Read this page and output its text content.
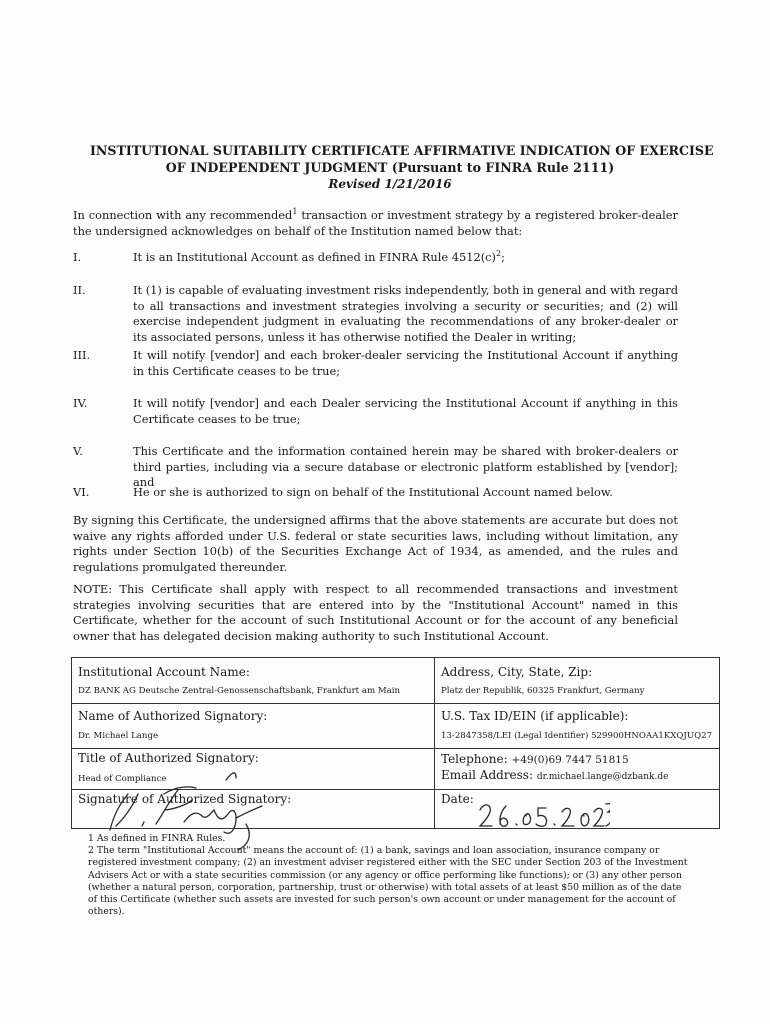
INSTITUTIONAL SUITABILITY CERTIFICATE AFFIRMATIVE INDICATION OF EXERCISE
OF INDEPENDENT JUDGMENT (Pursuant to FINRA Rule 2111)
Revised 1/21/2016
In connection with any recommended$^1$ transaction or investment strategy by a registered broker-dealer the undersigned acknowledges on behalf of the Institution named below that:
I.	It is an Institutional Account as defined in FINRA Rule $4512(c)^2$;
II.	It (1) is capable of evaluating investment risks independently, both in general and with regard to all transactions and investment strategies involving a security or securities; and (2) will exercise independent judgment in evaluating the recommendations of any broker-dealer or its associated persons, unless it has otherwise notified the Dealer in writing;
III.	It will notify [vendor] and each broker-dealer servicing the Institutional Account if anything in this Certificate ceases to be true;
IV.	It will notify [vendor] and each Dealer servicing the Institutional Account if anything in this Certificate ceases to be true;
V.	This Certificate and the information contained herein may be shared with broker-dealers or third parties, including via a secure database or electronic platform established by [vendor]; and
VI.	He or she is authorized to sign on behalf of the Institutional Account named below.
By signing this Certificate, the undersigned affirms that the above statements are accurate but does not waive any rights afforded under U.S. federal or state securities laws, including without limitation, any rights under Section 10(b) of the Securities Exchange Act of 1934, as amended, and the rules and regulations promulgated thereunder.
NOTE: This Certificate shall apply with respect to all recommended transactions and investment strategies involving securities that are entered into by the "Institutional Account" named in this Certificate, whether for the account of such Institutional Account or for the account of any beneficial owner that has delegated decision making authority to such Institutional Account.
Institutional Account Name:
DZ BANK AG Deutsche Zentral-Genossenschaftsbank, Frankfurt am Main
Address, City, State, Zip:
Platz der Republik, 60325 Frankfurt, Germany
Name of Authorized Signatory:
Dr. Michael Lange
U.S. Tax ID/EIN (if applicable):
13-2847358/LEI (Legal Identifier) 529900HNOAA1KXQJUQ27
Title of Authorized Signatory:
Head of Compliance
Telephone: +49(0)69 7447 51815
Email Address: dr.michael.lange@dzbank.de
Signature of Authorized Signatory:	Date:

1 As defined in FINRA Rules.

2 The term "Institutional Account" means the account of: (1) a bank, savings and loan association, insurance company or registered investment company; (2) an investment adviser registered either with the SEC under Section 203 of the Investment Advisers Act or with a state securities commission (or any agency or office performing like functions); or (3) any other person (whether a natural person, corporation, partnership, trust or otherwise) with total assets of at least $50 million as of the date of this Certificate (whether such assets are invested for such person's own account or under management for the account of others).
